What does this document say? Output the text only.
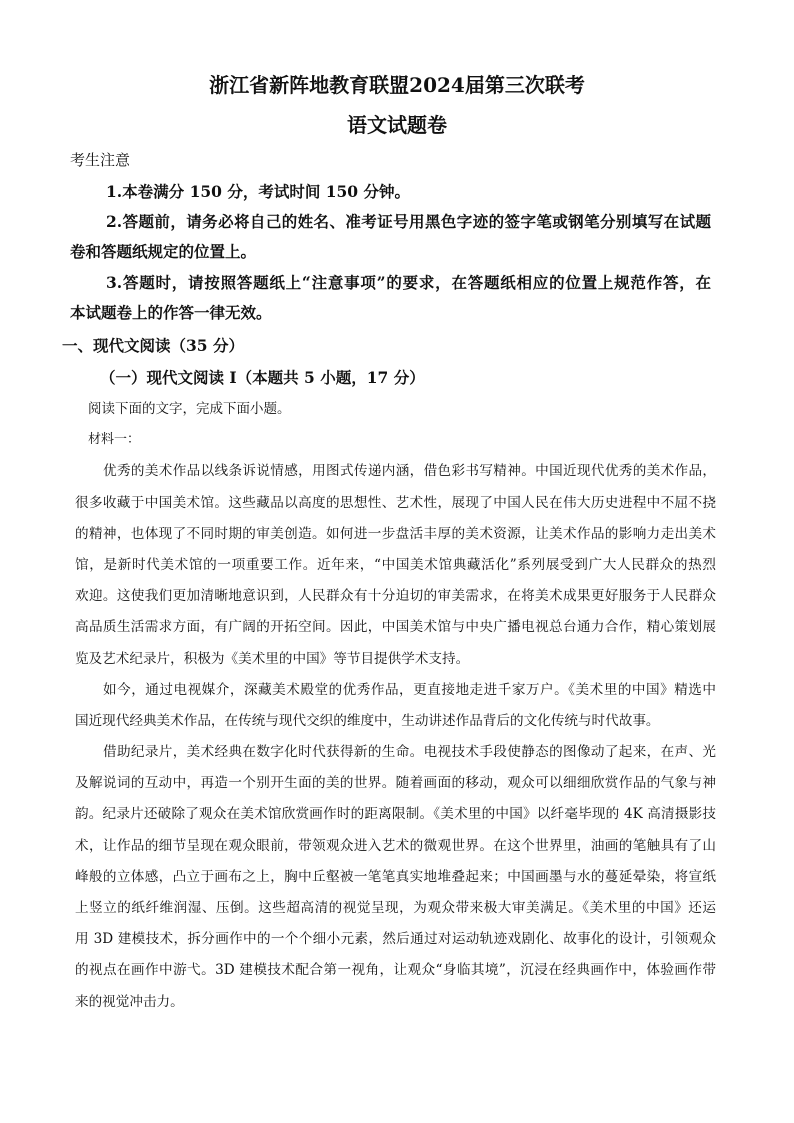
浙江省新阵地教育联盟2024届第三次联考
语文试题卷
考生注意
1.本卷满分 150 分，考试时间 150 分钟。
2.答题前，请务必将自己的姓名、准考证号用黑色字迹的签字笔或钢笔分别填写在试题
卷和答题纸规定的位置上。
3.答题时，请按照答题纸上“注意事项”的要求，在答题纸相应的位置上规范作答，在
本试题卷上的作答一律无效。
一、现代文阅读（35 分）
（一）现代文阅读 I（本题共 5 小题，17 分）
阅读下面的文字，完成下面小题。
材料一：
优秀的美术作品以线条诉说情感，用图式传递内涵，借色彩书写精神。中国近现代优秀的美术作品，
很多收藏于中国美术馆。这些藏品以高度的思想性、艺术性，展现了中国人民在伟大历史进程中不屈不挠
的精神，也体现了不同时期的审美创造。如何进一步盘活丰厚的美术资源，让美术作品的影响力走出美术
馆，是新时代美术馆的一项重要工作。近年来，“中国美术馆典藏活化”系列展受到广大人民群众的热烈
欢迎。这使我们更加清晰地意识到，人民群众有十分迫切的审美需求，在将美术成果更好服务于人民群众
高品质生活需求方面，有广阔的开拓空间。因此，中国美术馆与中央广播电视总台通力合作，精心策划展
览及艺术纪录片，积极为《美术里的中国》等节目提供学术支持。
如今，通过电视媒介，深藏美术殿堂的优秀作品，更直接地走进千家万户。《美术里的中国》精选中
国近现代经典美术作品，在传统与现代交织的维度中，生动讲述作品背后的文化传统与时代故事。
借助纪录片，美术经典在数字化时代获得新的生命。电视技术手段使静态的图像动了起来，在声、光
及解说词的互动中，再造一个别开生面的美的世界。随着画面的移动，观众可以细细欣赏作品的气象与神
韵。纪录片还破除了观众在美术馆欣赏画作时的距离限制。《美术里的中国》以纤毫毕现的 4K 高清摄影技
术，让作品的细节呈现在观众眼前，带领观众进入艺术的微观世界。在这个世界里，油画的笔触具有了山
峰般的立体感，凸立于画布之上，胸中丘壑被一笔笔真实地堆叠起来；中国画墨与水的蔓延晕染，将宣纸
上竖立的纸纤维润湿、压倒。这些超高清的视觉呈现，为观众带来极大审美满足。《美术里的中国》还运
用 3D 建模技术，拆分画作中的一个个细小元素，然后通过对运动轨迹戏剧化、故事化的设计，引领观众
的视点在画作中游弋。3D 建模技术配合第一视角，让观众“身临其境”，沉浸在经典画作中，体验画作带
来的视觉冲击力。
